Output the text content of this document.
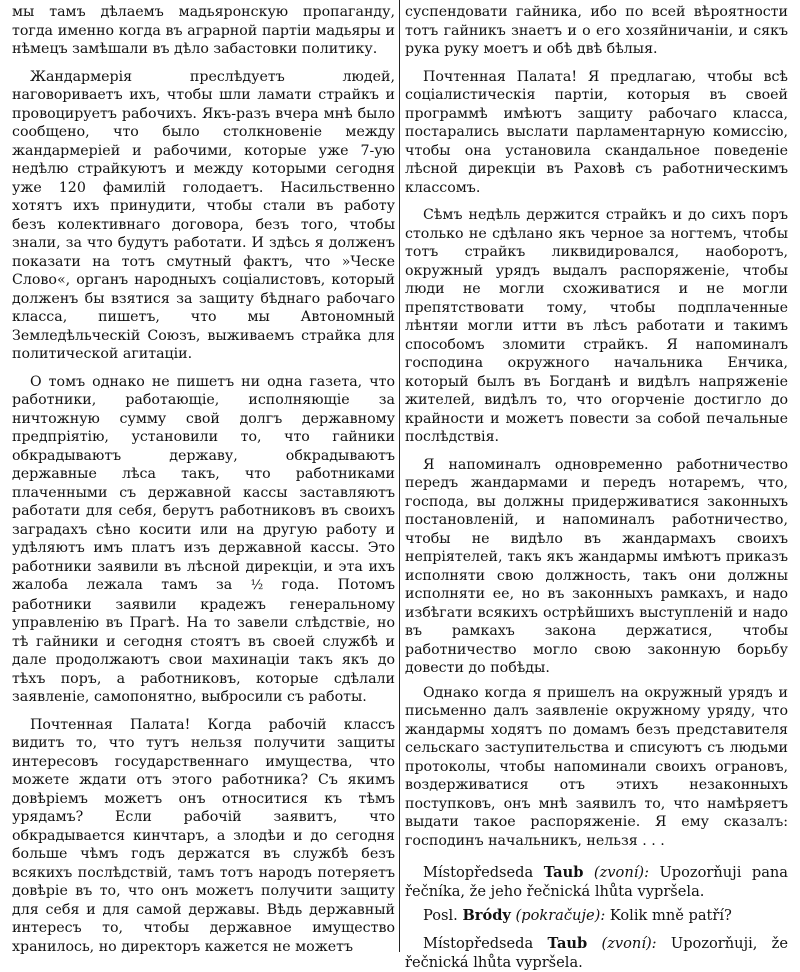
мы тамъ дѣлаемъ мадьяронскую пропаганду, тогда именно когда въ аграрной партіи мадьяры и нѣмецъ замѣшали въ дѣло забастовки политику.

Жандармерія преслѣдуетъ людей, наговориваетъ ихъ, чтобы шли ламати страйкъ и провоцируетъ рабочихъ. Якъ-разъ вчера мнѣ было сообщено, что было столкновеніе между жандармеріей и рабочими, которые уже 7-ую недѣлю страйкуютъ и между которыми сегодня уже 120 фамилій голодаетъ. Насильственно хотятъ ихъ принудити, чтобы стали въ работу безъ колективнаго договора, безъ того, чтобы знали, за что будутъ работати. И здѣсь я долженъ показати на тотъ смутный фактъ, что »Ческе Слово«, органъ народныхъ соціалистовъ, который долженъ бы взятися за защиту бѣднаго рабочаго класса, пишетъ, что мы Автономный Земледѣльческій Союзъ, выживаемъ страйка для политической агитаціи.

О томъ однако не пишетъ ни одна газета, что работники, работающіе, исполняющіе за ничтожную сумму свой долгъ державному предпріятію, установили то, что гайники обкрадываютъ державу, обкрадываютъ державные лѣса такъ, что работниками плаченными съ державной кассы заставляютъ работати для себя, берутъ работниковъ въ своихъ заградахъ сѣно косити или на другую работу и удѣляютъ имъ платъ изъ державной кассы. Это работники заявили въ лѣсной дирекціи, и эта ихъ жалоба лежала тамъ за ½ года. Потомъ работники заявили крадежъ генеральному управленію въ Прагѣ. На то завели слѣдствіе, но тѣ гайники и сегодня стоятъ въ своей службѣ и дале продолжаютъ свои махинаціи такъ якъ до тѣхъ поръ, а работниковъ, которые сдѣлали заявленіе, самопонятно, выбросили съ работы.

Почтенная Палата! Когда рабочій классъ видитъ то, что тутъ нельзя получити защиты интересовъ государственнаго имущества, что можете ждати отъ этого работника? Съ якимъ довѣріемъ можетъ онъ относитися къ тѣмъ урядамъ? Если рабочій заявитъ, что обкрадывается кинчтаръ, а злодѣи и до сегодня больше чѣмъ годъ держатся въ службѣ безъ всякихъ послѣдствій, тамъ тотъ народъ потеряетъ довѣріе въ то, что онъ можетъ получити защиту для себя и для самой державы. Вѣдь державный интересъ то, чтобы державное имущество хранилось, но директоръ кажется не можетъ

суспендовати гайника, ибо по всей вѣроятности тотъ гайникъ знаетъ и о его хозяйничаніи, и сякъ рука руку моетъ и обѣ двѣ бѣлыя.

Почтенная Палата! Я предлагаю, чтобы всѣ соціалистическія партіи, которыя въ своей программѣ имѣютъ защиту рабочаго класса, постарались выслати парламентарную комисcію, чтобы она установила скандальное поведеніе лѣсной дирекціи въ Раховѣ съ работническимъ классомъ.

Сѣмъ недѣль держится страйкъ и до сихъ поръ столько не сдѣлано якъ черное за ногтемъ, чтобы тотъ страйкъ ликвидировался, наоборотъ, окружный урядъ выдалъ распоряженіе, чтобы люди не могли схоживатися и не могли препятствовати тому, чтобы подплаченные лѣнтяи могли итти въ лѣсъ работати и такимъ способомъ зломити страйкъ. Я напоминалъ господина окружного начальника Енчика, который былъ въ Богданѣ и видѣлъ напряженіе жителей, видѣлъ то, что огорченіе достигло до крайности и можетъ повести за собой печальные послѣдствія.

Я напоминалъ одновременно работничество передъ жандармами и передъ нотаремъ, что, господа, вы должны придерживатися законныхъ постановленій, и напоминалъ работничество, чтобы не видѣло въ жандармахъ своихъ непріятелей, такъ якъ жандармы имѣютъ приказъ исполняти свою должность, такъ они должны исполняти ее, но въ законныхъ рамкахъ, и надо избѣгати всякихъ острѣйшихъ выступленій и надо въ рамкахъ закона держатися, чтобы работничество могло свою законную борьбу довести до побѣды.

Однако когда я пришелъ на окружный урядъ и письменно далъ заявленіе окружному уряду, что жандармы ходятъ по домамъ безъ представителя сельскаго заступительства и списуютъ съ людьми протоколы, чтобы напоминали своихъ ограновъ, воздерживатися отъ этихъ незаконныхъ поступковъ, онъ мнѣ заявилъ то, что намѣряетъ выдати такое распоряженіе. Я ему сказалъ: господинъ начальникъ, нельзя . . .

Místopředseda Taub (zvoní): Upozorňuji pana řečníka, že jeho řečnická lhůta vypršela.

Posl. Bródy (pokračuje): Kolik mně patří?

Místopředseda Taub (zvoní): Upozorňuji, že řečnická lhůta vypršela.
